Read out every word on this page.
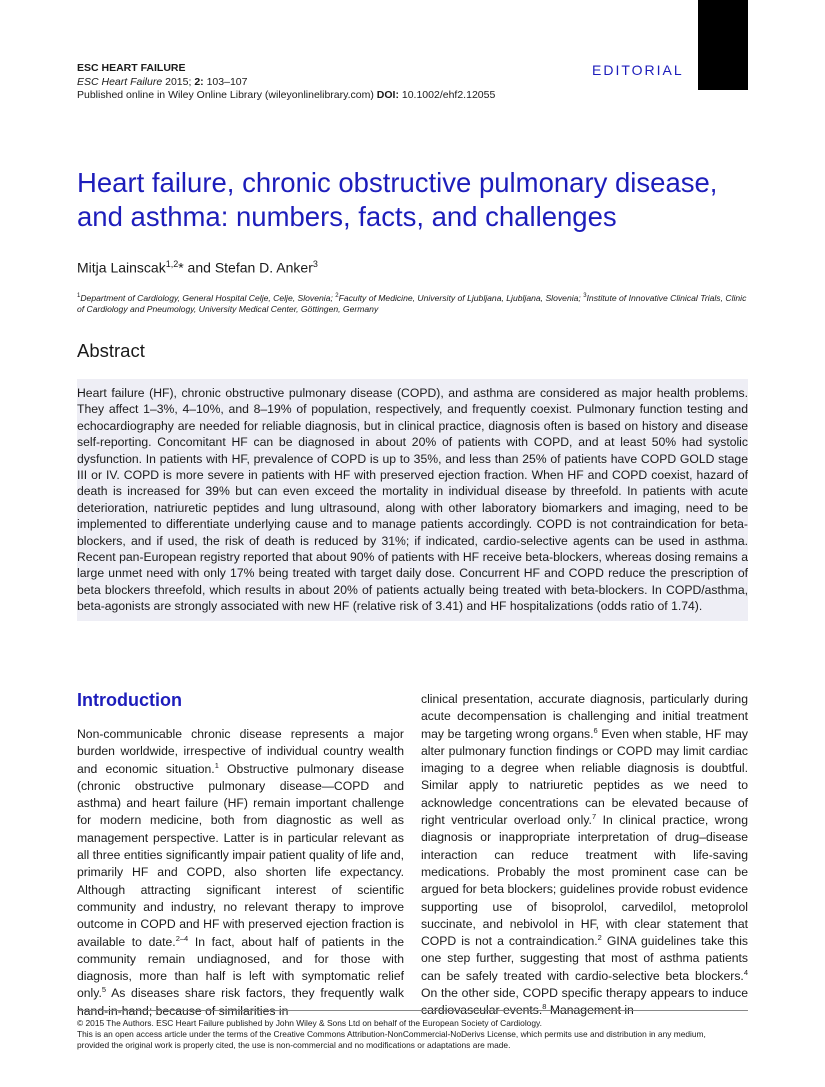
ESC HEART FAILURE
ESC Heart Failure 2015; 2: 103–107
Published online in Wiley Online Library (wileyonlinelibrary.com) DOI: 10.1002/ehf2.12055
EDITORIAL
Heart failure, chronic obstructive pulmonary disease,
and asthma: numbers, facts, and challenges
Mitja Lainscak$^{1,2}$* and Stefan D. Anker$^3$
$^1$Department of Cardiology, General Hospital Celje, Celje, Slovenia; $^2$Faculty of Medicine, University of Ljubljana, Ljubljana, Slovenia; $^3$Institute of Innovative Clinical Trials, Clinic of Cardiology and Pneumology, University Medical Center, Göttingen, Germany
Abstract
Heart failure (HF), chronic obstructive pulmonary disease (COPD), and asthma are considered as major health problems. They affect 1–3%, 4–10%, and 8–19% of population, respectively, and frequently coexist. Pulmonary function testing and echocardiography are needed for reliable diagnosis, but in clinical practice, diagnosis often is based on history and disease self-reporting. Concomitant HF can be diagnosed in about 20% of patients with COPD, and at least 50% had systolic dysfunction. In patients with HF, prevalence of COPD is up to 35%, and less than 25% of patients have COPD GOLD stage III or IV. COPD is more severe in patients with HF with preserved ejection fraction. When HF and COPD coexist, hazard of death is increased for 39% but can even exceed the mortality in individual disease by threefold. In patients with acute deterioration, natriuretic peptides and lung ultrasound, along with other laboratory biomarkers and imaging, need to be implemented to differentiate underlying cause and to manage patients accordingly. COPD is not contraindication for beta-blockers, and if used, the risk of death is reduced by 31%; if indicated, cardio-selective agents can be used in asthma. Recent pan-European registry reported that about 90% of patients with HF receive beta-blockers, whereas dosing remains a large unmet need with only 17% being treated with target daily dose. Concurrent HF and COPD reduce the prescription of beta blockers threefold, which results in about 20% of patients actually being treated with beta-blockers. In COPD/asthma, beta-agonists are strongly associated with new HF (relative risk of 3.41) and HF hospitalizations (odds ratio of 1.74).
Introduction
Non-communicable chronic disease represents a major burden worldwide, irrespective of individual country wealth and economic situation.$^1$ Obstructive pulmonary disease (chronic obstructive pulmonary disease—COPD and asthma) and heart failure (HF) remain important challenge for modern medicine, both from diagnostic as well as management perspective. Latter is in particular relevant as all three entities significantly impair patient quality of life and, primarily HF and COPD, also shorten life expectancy. Although attracting significant interest of scientific community and industry, no relevant therapy to improve outcome in COPD and HF with preserved ejection fraction is available to date.$^{2-4}$ In fact, about half of patients in the community remain undiagnosed, and for those with diagnosis, more than half is left with symptomatic relief only.$^5$ As diseases share risk factors, they frequently walk hand-in-hand; because of similarities in
clinical presentation, accurate diagnosis, particularly during acute decompensation is challenging and initial treatment may be targeting wrong organs.$^6$ Even when stable, HF may alter pulmonary function findings or COPD may limit cardiac imaging to a degree when reliable diagnosis is doubtful. Similar apply to natriuretic peptides as we need to acknowledge concentrations can be elevated because of right ventricular overload only.$^7$ In clinical practice, wrong diagnosis or inappropriate interpretation of drug–disease interaction can reduce treatment with life-saving medications. Probably the most prominent case can be argued for beta blockers; guidelines provide robust evidence supporting use of bisoprolol, carvedilol, metoprolol succinate, and nebivolol in HF, with clear statement that COPD is not a contraindication.$^2$ GINA guidelines take this one step further, suggesting that most of asthma patients can be safely treated with cardio-selective beta blockers.$^4$ On the other side, COPD specific therapy appears to induce cardiovascular events.$^8$ Management in
© 2015 The Authors. ESC Heart Failure published by John Wiley & Sons Ltd on behalf of the European Society of Cardiology.
This is an open access article under the terms of the Creative Commons Attribution-NonCommercial-NoDerivs License, which permits use and distribution in any medium,
provided the original work is properly cited, the use is non-commercial and no modifications or adaptations are made.
